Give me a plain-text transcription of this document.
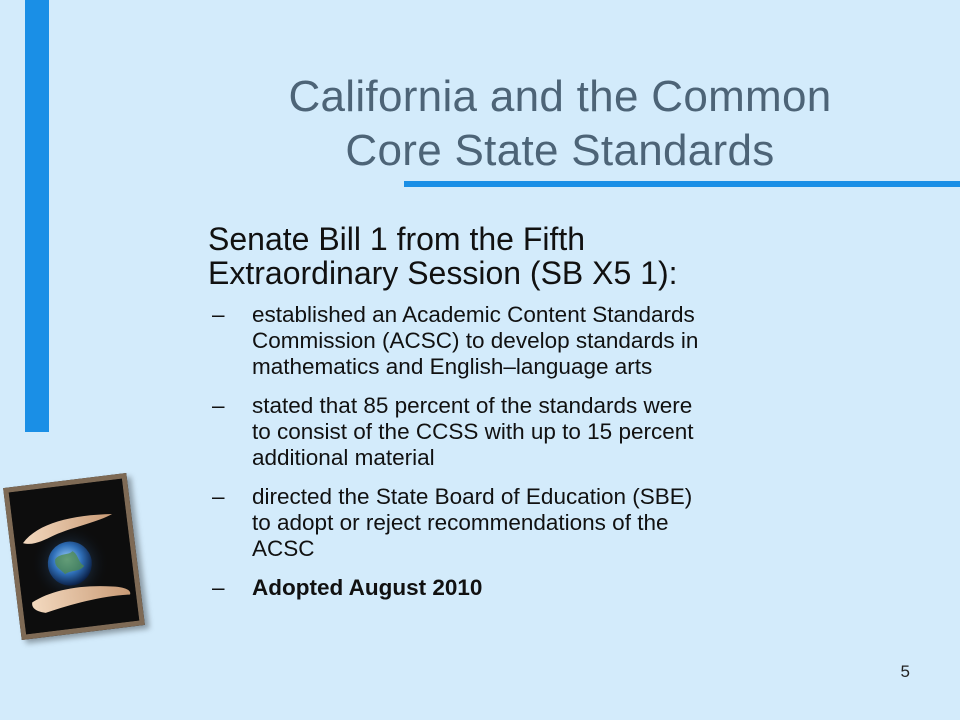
California and the Common
Core State Standards
Senate Bill 1 from the Fifth
Extraordinary Session (SB X5 1):
– established an Academic Content Standards
Commission (ACSC) to develop standards in
mathematics and English–language arts
– stated that 85 percent of the standards were
to consist of the CCSS with up to 15 percent
additional material
– directed the State Board of Education (SBE)
to adopt or reject recommendations of the
ACSC
– Adopted August 2010
5
